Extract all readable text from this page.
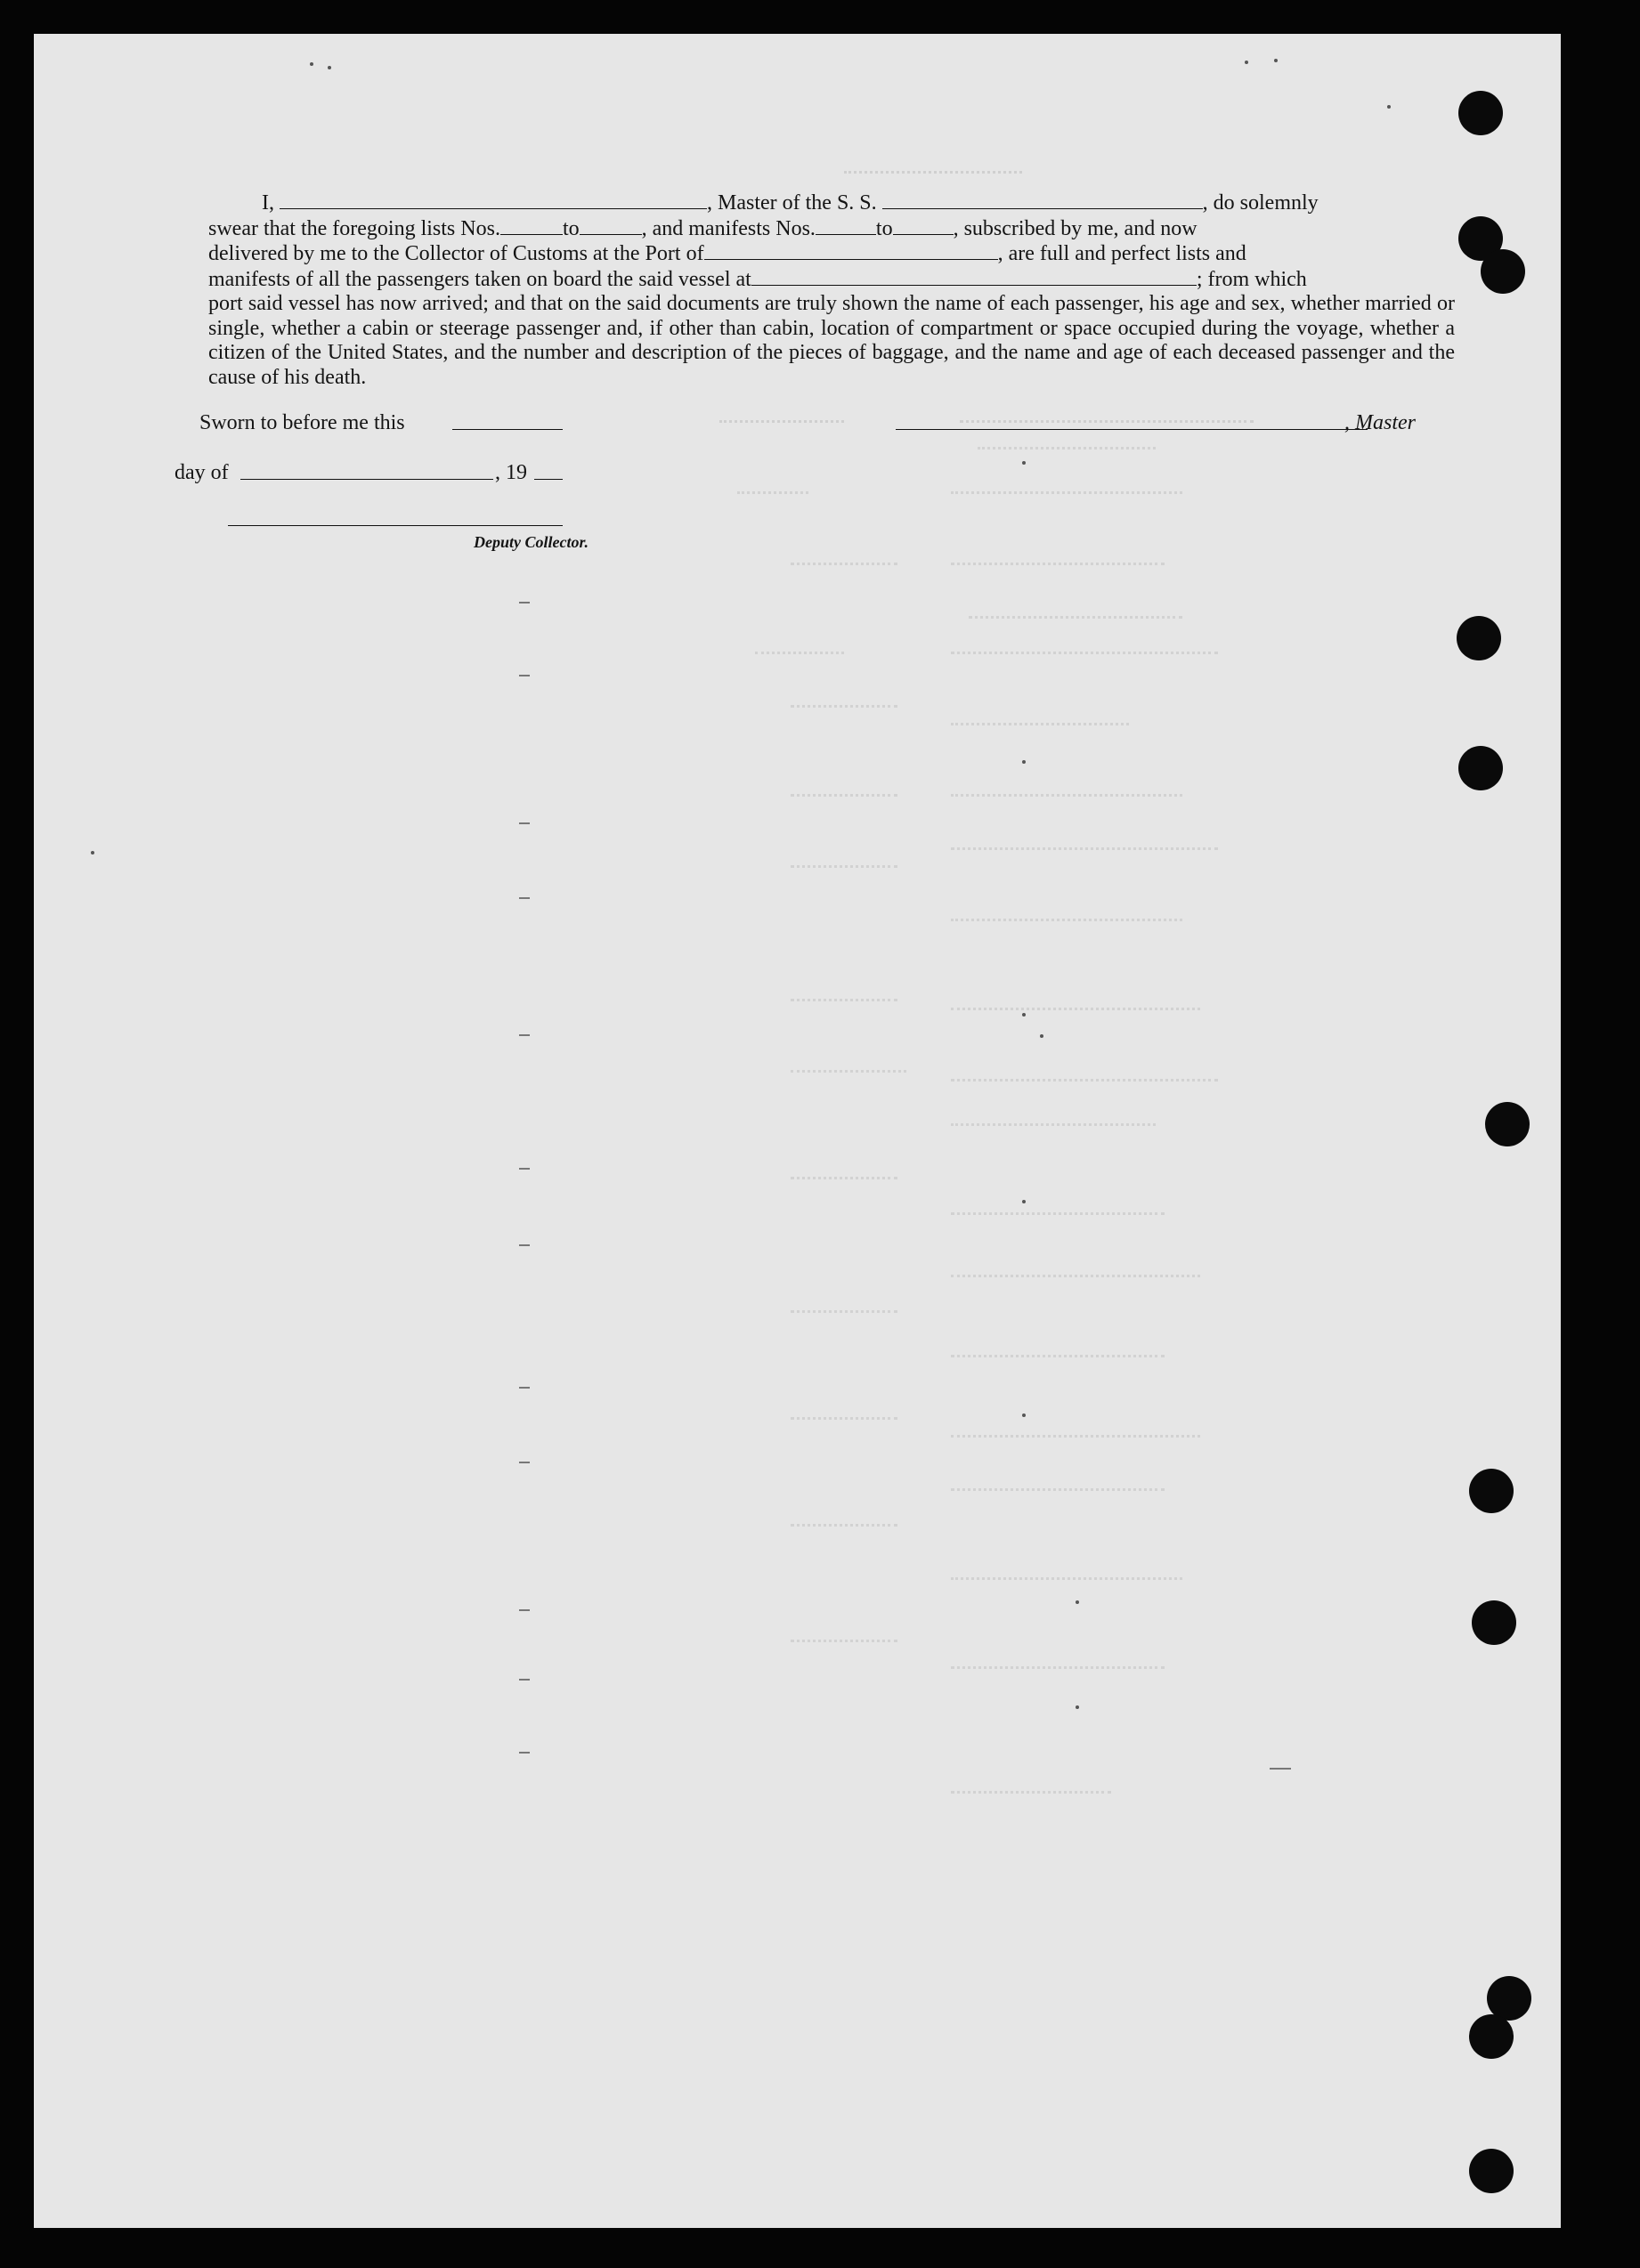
I,	, Master of the S. S.	, do solemnly
swear that the foregoing lists Nos.	to	, and manifests Nos.	to	, subscribed by me, and now
delivered by me to the Collector of Customs at the Port of	, are full and perfect lists and
manifests of all the passengers taken on board the said vessel at	; from which
port said vessel has now arrived; and that on the said documents are truly shown the name of each passenger, his age and sex, whether married or single, whether a cabin or steerage passenger and, if other than cabin, location of compartment or space occupied during the voyage, whether a citizen of the United States, and the number and description of the pieces of baggage, and the name and age of each deceased passenger and the cause of his death.
Sworn to before me this	, Master
day of	, 19
Deputy Collector.
